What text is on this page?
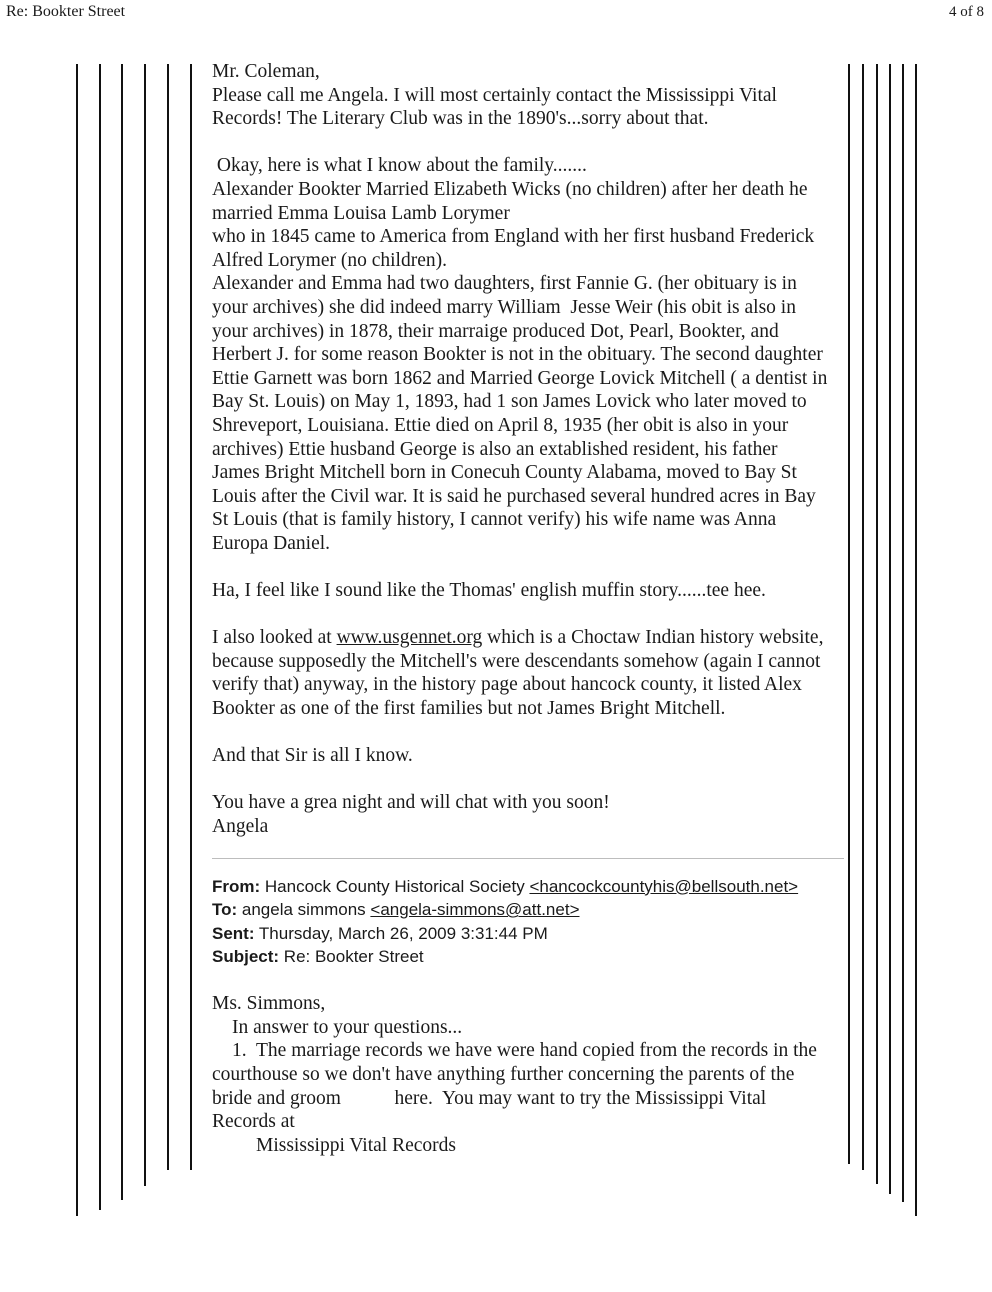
Re: Bookter Street	4 of 8

Mr. Coleman,

Please call me Angela. I will most certainly contact the Mississippi Vital

Records! The Literary Club was in the 1890's...sorry about that.

Okay, here is what I know about the family.......

Alexander Bookter Married Elizabeth Wicks (no children) after her death he

married Emma Louisa Lamb Lorymer

who in 1845 came to America from England with her first husband Frederick

Alfred Lorymer (no children).

Alexander and Emma had two daughters, first Fannie G. (her obituary is in

your archives) she did indeed marry William  Jesse Weir (his obit is also in

your archives) in 1878, their marraige produced Dot, Pearl, Bookter, and

Herbert J. for some reason Bookter is not in the obituary. The second daughter

Ettie Garnett was born 1862 and Married George Lovick Mitchell ( a dentist in

Bay St. Louis) on May 1, 1893, had 1 son James Lovick who later moved to

Shreveport, Louisiana. Ettie died on April 8, 1935 (her obit is also in your

archives) Ettie husband George is also an extablished resident, his father

James Bright Mitchell born in Conecuh County Alabama, moved to Bay St

Louis after the Civil war. It is said he purchased several hundred acres in Bay

St Louis (that is family history, I cannot verify) his wife name was Anna

Europa Daniel.

Ha, I feel like I sound like the Thomas' english muffin story......tee hee.

I also looked at www.usgennet.org which is a Choctaw Indian history website,

because supposedly the Mitchell's were descendants somehow (again I cannot

verify that) anyway, in the history page about hancock county, it listed Alex

Bookter as one of the first families but not James Bright Mitchell.

And that Sir is all I know.

You have a grea night and will chat with you soon!

Angela

From: Hancock County Historical Society <hancockcountyhis@bellsouth.net>
To: angela simmons <angela-simmons@att.net>
Sent: Thursday, March 26, 2009 3:31:44 PM
Subject: Re: Bookter Street

Ms. Simmons,

In answer to your questions...

1.  The marriage records we have were hand copied from the records in the

courthouse so we don't have anything further concerning the parents of the

bride and groom           here.  You may want to try the Mississippi Vital

Records at

Mississippi Vital Records
